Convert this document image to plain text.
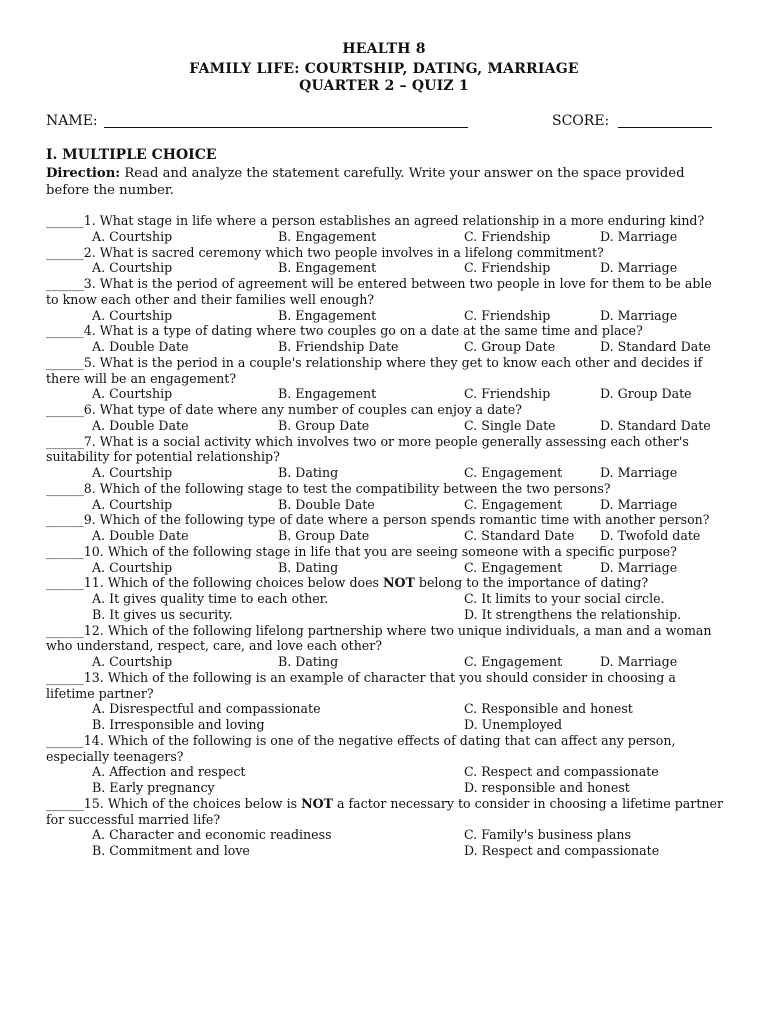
HEALTH 8
FAMILY LIFE: COURTSHIP, DATING, MARRIAGE
QUARTER 2 – QUIZ 1
NAME:	SCORE:
I. MULTIPLE CHOICE
Direction: Read and analyze the statement carefully. Write your answer on the space provided before the number.
______1. What stage in life where a person establishes an agreed relationship in a more enduring kind?
A. Courtship	B. Engagement	C. Friendship	D. Marriage
______2. What is sacred ceremony which two people involves in a lifelong commitment?
A. Courtship	B. Engagement	C. Friendship	D. Marriage
______3. What is the period of agreement will be entered between two people in love for them to be able to know each other and their families well enough?
A. Courtship	B. Engagement	C. Friendship	D. Marriage
______4. What is a type of dating where two couples go on a date at the same time and place?
A. Double Date	B. Friendship Date	C. Group Date	D. Standard Date
______5. What is the period in a couple's relationship where they get to know each other and decides if there will be an engagement?
A. Courtship	B. Engagement	C. Friendship	D. Group Date
______6. What type of date where any number of couples can enjoy a date?
A. Double Date	B. Group Date	C. Single Date	D. Standard Date
______7. What is a social activity which involves two or more people generally assessing each other's suitability for potential relationship?
A. Courtship	B. Dating	C. Engagement	D. Marriage
______8. Which of the following stage to test the compatibility between the two persons?
A. Courtship	B. Double Date	C. Engagement	D. Marriage
______9. Which of the following type of date where a person spends romantic time with another person?
A. Double Date	B. Group Date	C. Standard Date D. Twofold date
______10. Which of the following stage in life that you are seeing someone with a specific purpose?
A. Courtship	B. Dating	C. Engagement	D. Marriage
______11. Which of the following choices below does NOT belong to the importance of dating?
A. It gives quality time to each other.	C. It limits to your social circle.
B. It gives us security.	D. It strengthens the relationship.
______12. Which of the following lifelong partnership where two unique individuals, a man and a woman who understand, respect, care, and love each other?
A. Courtship	B. Dating	C. Engagement	D. Marriage
______13. Which of the following is an example of character that you should consider in choosing a lifetime partner?
A. Disrespectful and compassionate	C. Responsible and honest
B. Irresponsible and loving	D. Unemployed
______14. Which of the following is one of the negative effects of dating that can affect any person, especially teenagers?
A. Affection and respect	C. Respect and compassionate
B. Early pregnancy	D. responsible and honest
______15. Which of the choices below is NOT a factor necessary to consider in choosing a lifetime partner for successful married life?
A. Character and economic readiness	C. Family's business plans
B. Commitment and love	D. Respect and compassionate
